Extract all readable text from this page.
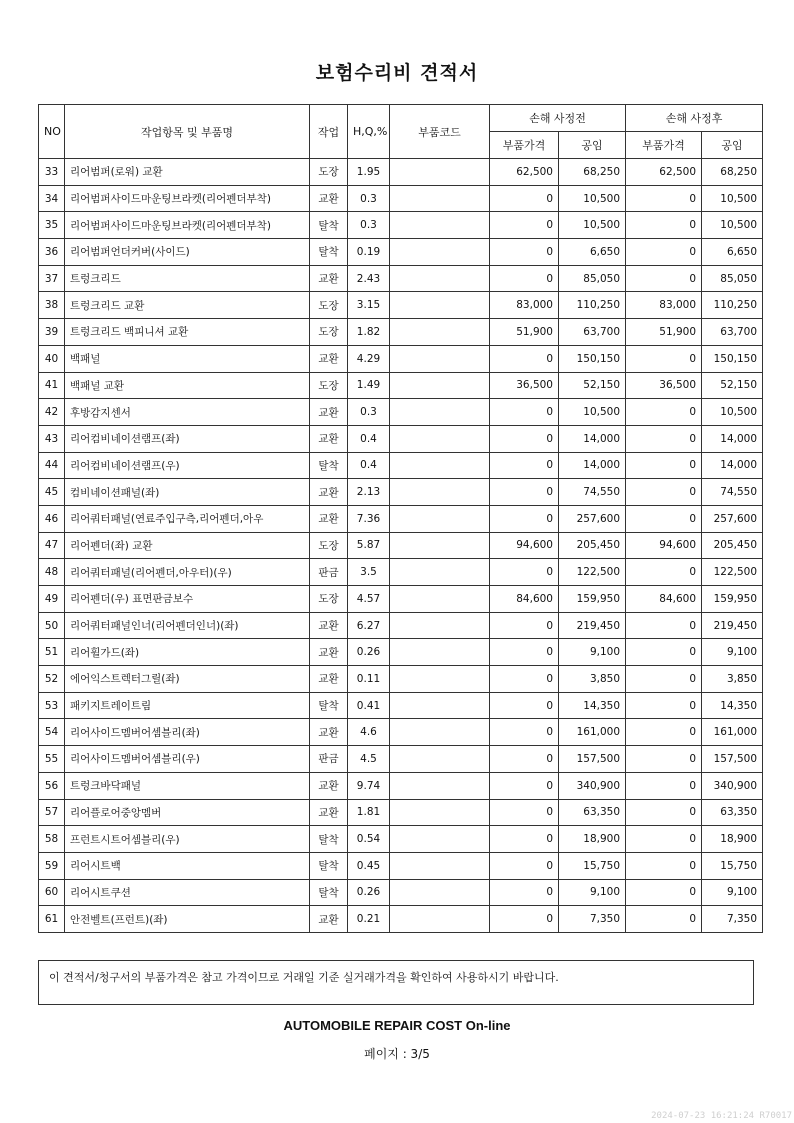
보험수리비 견적서
NO	작업항목 및 부품명	작업	H,Q,%	부품코드	손해 사정전		손해 사정후	
					부품가격	공임	부품가격	공임
33	리어범퍼(로워) 교환	도장	1.95		62,500	68,250	62,500	68,250
34	리어범퍼사이드마운팅브라켓(리어펜더부착)	교환	0.3		0	10,500	0	10,500
35	리어범퍼사이드마운팅브라켓(리어펜더부착)	탈착	0.3		0	10,500	0	10,500
36	리어범퍼언더커버(사이드)	탈착	0.19		0	6,650	0	6,650
37	트렁크리드	교환	2.43		0	85,050	0	85,050
38	트렁크리드 교환	도장	3.15		83,000	110,250	83,000	110,250
39	트렁크리드 백피니셔 교환	도장	1.82		51,900	63,700	51,900	63,700
40	백패널	교환	4.29		0	150,150	0	150,150
41	백패널 교환	도장	1.49		36,500	52,150	36,500	52,150
42	후방감지센서	교환	0.3		0	10,500	0	10,500
43	리어컴비네이션램프(좌)	교환	0.4		0	14,000	0	14,000
44	리어컴비네이션램프(우)	탈착	0.4		0	14,000	0	14,000
45	컴비네이션패널(좌)	교환	2.13		0	74,550	0	74,550
46	리어쿼터패널(연료주입구측,리어펜더,아우	교환	7.36		0	257,600	0	257,600
47	리어펜더(좌) 교환	도장	5.87		94,600	205,450	94,600	205,450
48	리어쿼터패널(리어펜더,아우터)(우)	판금	3.5		0	122,500	0	122,500
49	리어펜더(우) 표면판금보수	도장	4.57		84,600	159,950	84,600	159,950
50	리어쿼터패널인너(리어펜더인너)(좌)	교환	6.27		0	219,450	0	219,450
51	리어휠가드(좌)	교환	0.26		0	9,100	0	9,100
52	에어익스트렉터그릴(좌)	교환	0.11		0	3,850	0	3,850
53	패키지트레이트림	탈착	0.41		0	14,350	0	14,350
54	리어사이드멤버어셈블리(좌)	교환	4.6		0	161,000	0	161,000
55	리어사이드멤버어셈블리(우)	판금	4.5		0	157,500	0	157,500
56	트렁크바닥패널	교환	9.74		0	340,900	0	340,900
57	리어플로어중앙멤버	교환	1.81		0	63,350	0	63,350
58	프런트시트어셈블리(우)	탈착	0.54		0	18,900	0	18,900
59	리어시트백	탈착	0.45		0	15,750	0	15,750
60	리어시트쿠션	탈착	0.26		0	9,100	0	9,100
61	안전벨트(프런트)(좌)	교환	0.21		0	7,350	0	7,350
이 견적서/청구서의 부품가격은 참고 가격이므로 거래일 기준 실거래가격을 확인하여 사용하시기 바랍니다.
AUTOMOBILE REPAIR COST On-line
페이지 : 3/5
2024-07-23 16:21:24 R70017
